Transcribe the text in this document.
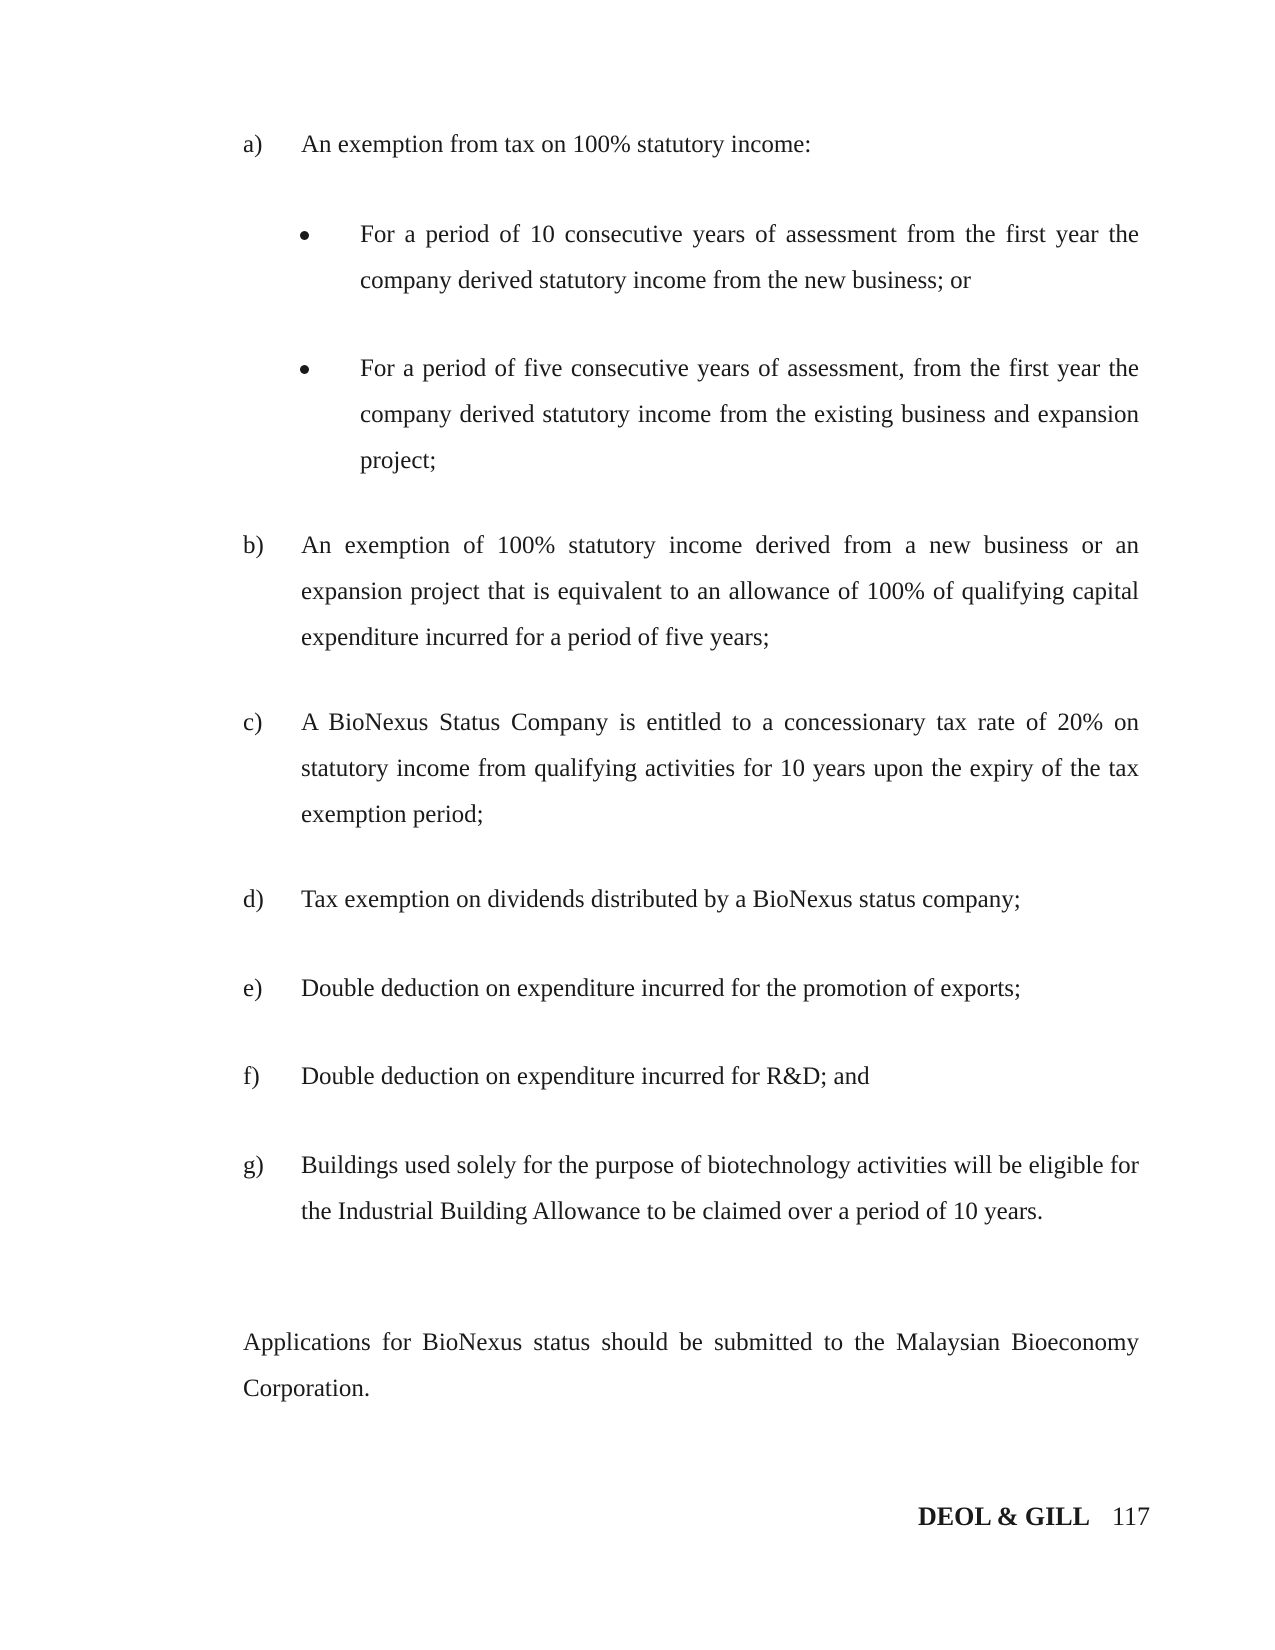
a) An exemption from tax on 100% statutory income:
For a period of 10 consecutive years of assessment from the first year the company derived statutory income from the new business; or
For a period of five consecutive years of assessment, from the first year the company derived statutory income from the existing business and expansion project;
b) An exemption of 100% statutory income derived from a new business or an expansion project that is equivalent to an allowance of 100% of qualifying capital expenditure incurred for a period of five years;
c) A BioNexus Status Company is entitled to a concessionary tax rate of 20% on statutory income from qualifying activities for 10 years upon the expiry of the tax exemption period;
d) Tax exemption on dividends distributed by a BioNexus status company;
e) Double deduction on expenditure incurred for the promotion of exports;
f) Double deduction on expenditure incurred for R&D; and
g) Buildings used solely for the purpose of biotechnology activities will be eligible for the Industrial Building Allowance to be claimed over a period of 10 years.
Applications for BioNexus status should be submitted to the Malaysian Bioeconomy Corporation.
DEOL & GILL 117
